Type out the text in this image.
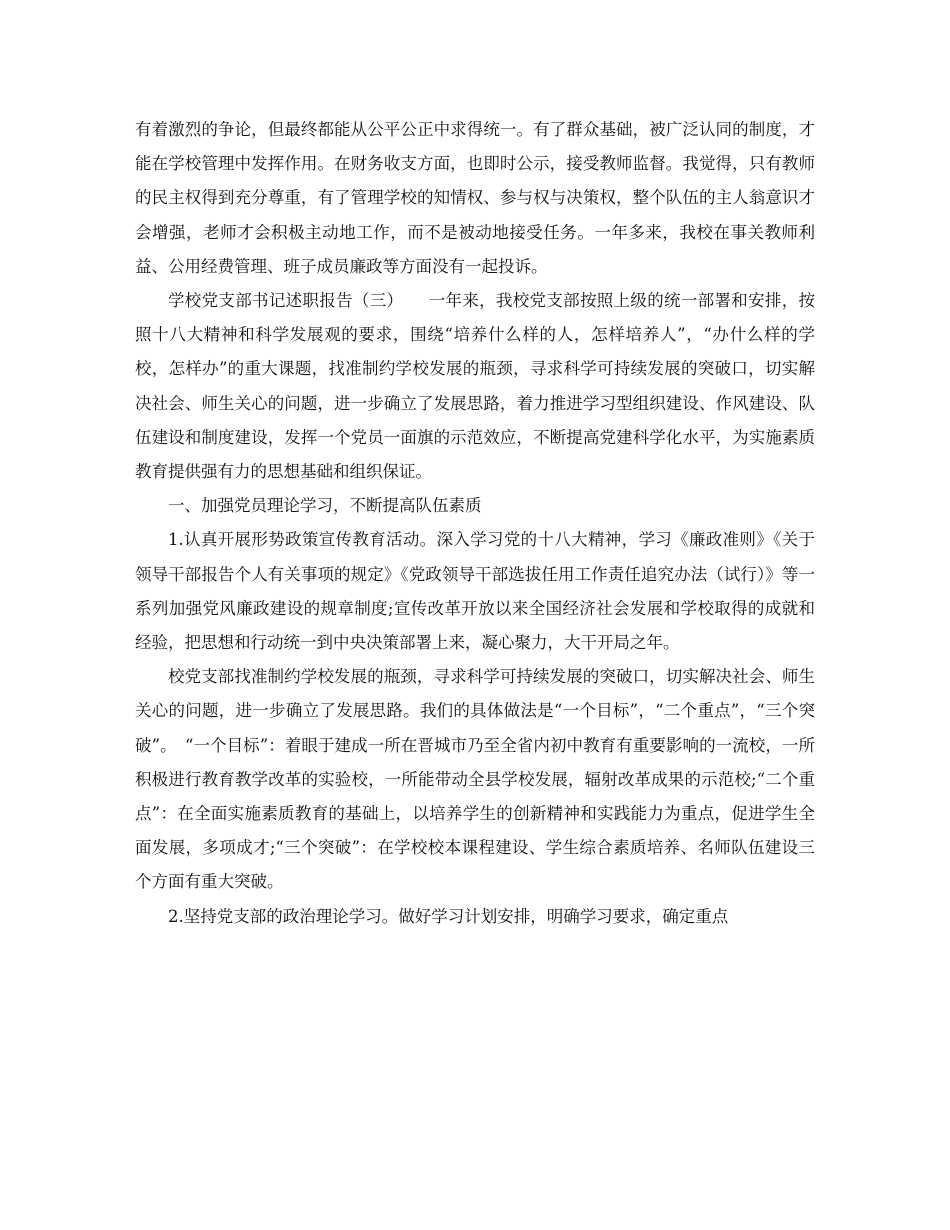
有着激烈的争论，但最终都能从公平公正中求得统一。有了群众基础，被广泛认同的制度，才能在学校管理中发挥作用。在财务收支方面，也即时公示，接受教师监督。我觉得，只有教师的民主权得到充分尊重，有了管理学校的知情权、参与权与决策权，整个队伍的主人翁意识才会增强，老师才会积极主动地工作，而不是被动地接受任务。一年多来，我校在事关教师利益、公用经费管理、班子成员廉政等方面没有一起投诉。

学校党支部书记述职报告（三）　　一年来，我校党支部按照上级的统一部署和安排，按照十八大精神和科学发展观的要求，围绕“培养什么样的人，怎样培养人”，“办什么样的学校，怎样办”的重大课题，找准制约学校发展的瓶颈，寻求科学可持续发展的突破口，切实解决社会、师生关心的问题，进一步确立了发展思路，着力推进学习型组织建设、作风建设、队伍建设和制度建设，发挥一个党员一面旗的示范效应，不断提高党建科学化水平，为实施素质教育提供强有力的思想基础和组织保证。

一、加强党员理论学习，不断提高队伍素质

1.认真开展形势政策宣传教育活动。深入学习党的十八大精神，学习《廉政准则》《关于领导干部报告个人有关事项的规定》《党政领导干部选拔任用工作责任追究办法（试行）》等一系列加强党风廉政建设的规章制度;宣传改革开放以来全国经济社会发展和学校取得的成就和经验，把思想和行动统一到中央决策部署上来，凝心聚力，大干开局之年。

校党支部找准制约学校发展的瓶颈，寻求科学可持续发展的突破口，切实解决社会、师生关心的问题，进一步确立了发展思路。我们的具体做法是“一个目标”，“二个重点”，“三个突破”。　“一个目标”：着眼于建成一所在晋城市乃至全省内初中教育有重要影响的一流校，一所积极进行教育教学改革的实验校，一所能带动全县学校发展，辐射改革成果的示范校;“二个重点”：在全面实施素质教育的基础上，以培养学生的创新精神和实践能力为重点，促进学生全面发展，多项成才;“三个突破”：在学校校本课程建设、学生综合素质培养、名师队伍建设三个方面有重大突破。

2.坚持党支部的政治理论学习。做好学习计划安排，明确学习要求，确定重点
